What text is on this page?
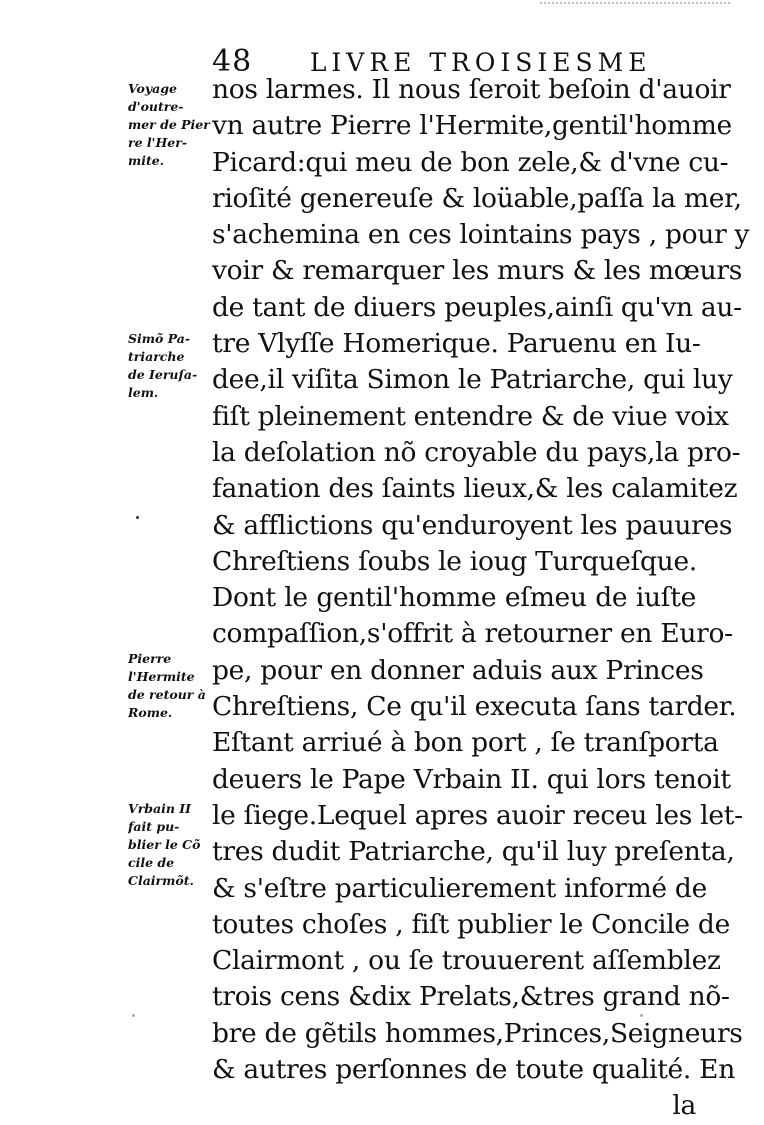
48 LIVRE TROISIESME
nos larmes. Il nous ſeroit beſoin d'auoir
vn autre Pierre l'Hermite,gentil'homme
Picard:qui meu de bon zele,& d'vne cu-
rioſité genereuſe & loüable,paſſa la mer,
s'achemina en ces lointains pays , pour y
voir & remarquer les murs & les mœurs
de tant de diuers peuples,ainſi qu'vn au-
tre Vlyſſe Homerique. Paruenu en Iu-
dee,il viſita Simon le Patriarche, qui luy
fiſt pleinement entendre & de viue voix
la deſolation nõ croyable du pays,la pro-
fanation des ſaints lieux,& les calamitez
& afflictions qu'enduroyent les pauures
Chreſtiens ſoubs le ioug Turqueſque.
Dont le gentil'homme eſmeu de iuſte
compaſſion,s'offrit à retourner en Euro-
pe, pour en donner aduis aux Princes
Chreſtiens, Ce qu'il executa ſans tarder.
Eſtant arriué à bon port , ſe tranſporta
deuers le Pape Vrbain II. qui lors tenoit
le ſiege.Lequel apres auoir receu les let-
tres dudit Patriarche, qu'il luy preſenta,
& s'eſtre particulierement informé de
toutes choſes , fiſt publier le Concile de
Clairmont , ou ſe trouuerent aſſemblez
trois cens &dix Prelats,&tres grand nõ-
bre de gẽtils hommes,Princes,Seigneurs
& autres perſonnes de toute qualité. En
la
Voyage
d'outre-
mer de Pier
re l'Her-
mite.
Simõ Pa-
triarche
de Ieruſa-
lem.
Pierre
l'Hermite
de retour à
Rome.
Vrbain II
fait pu-
blier le Cõ
cile de
Clairmõt.
